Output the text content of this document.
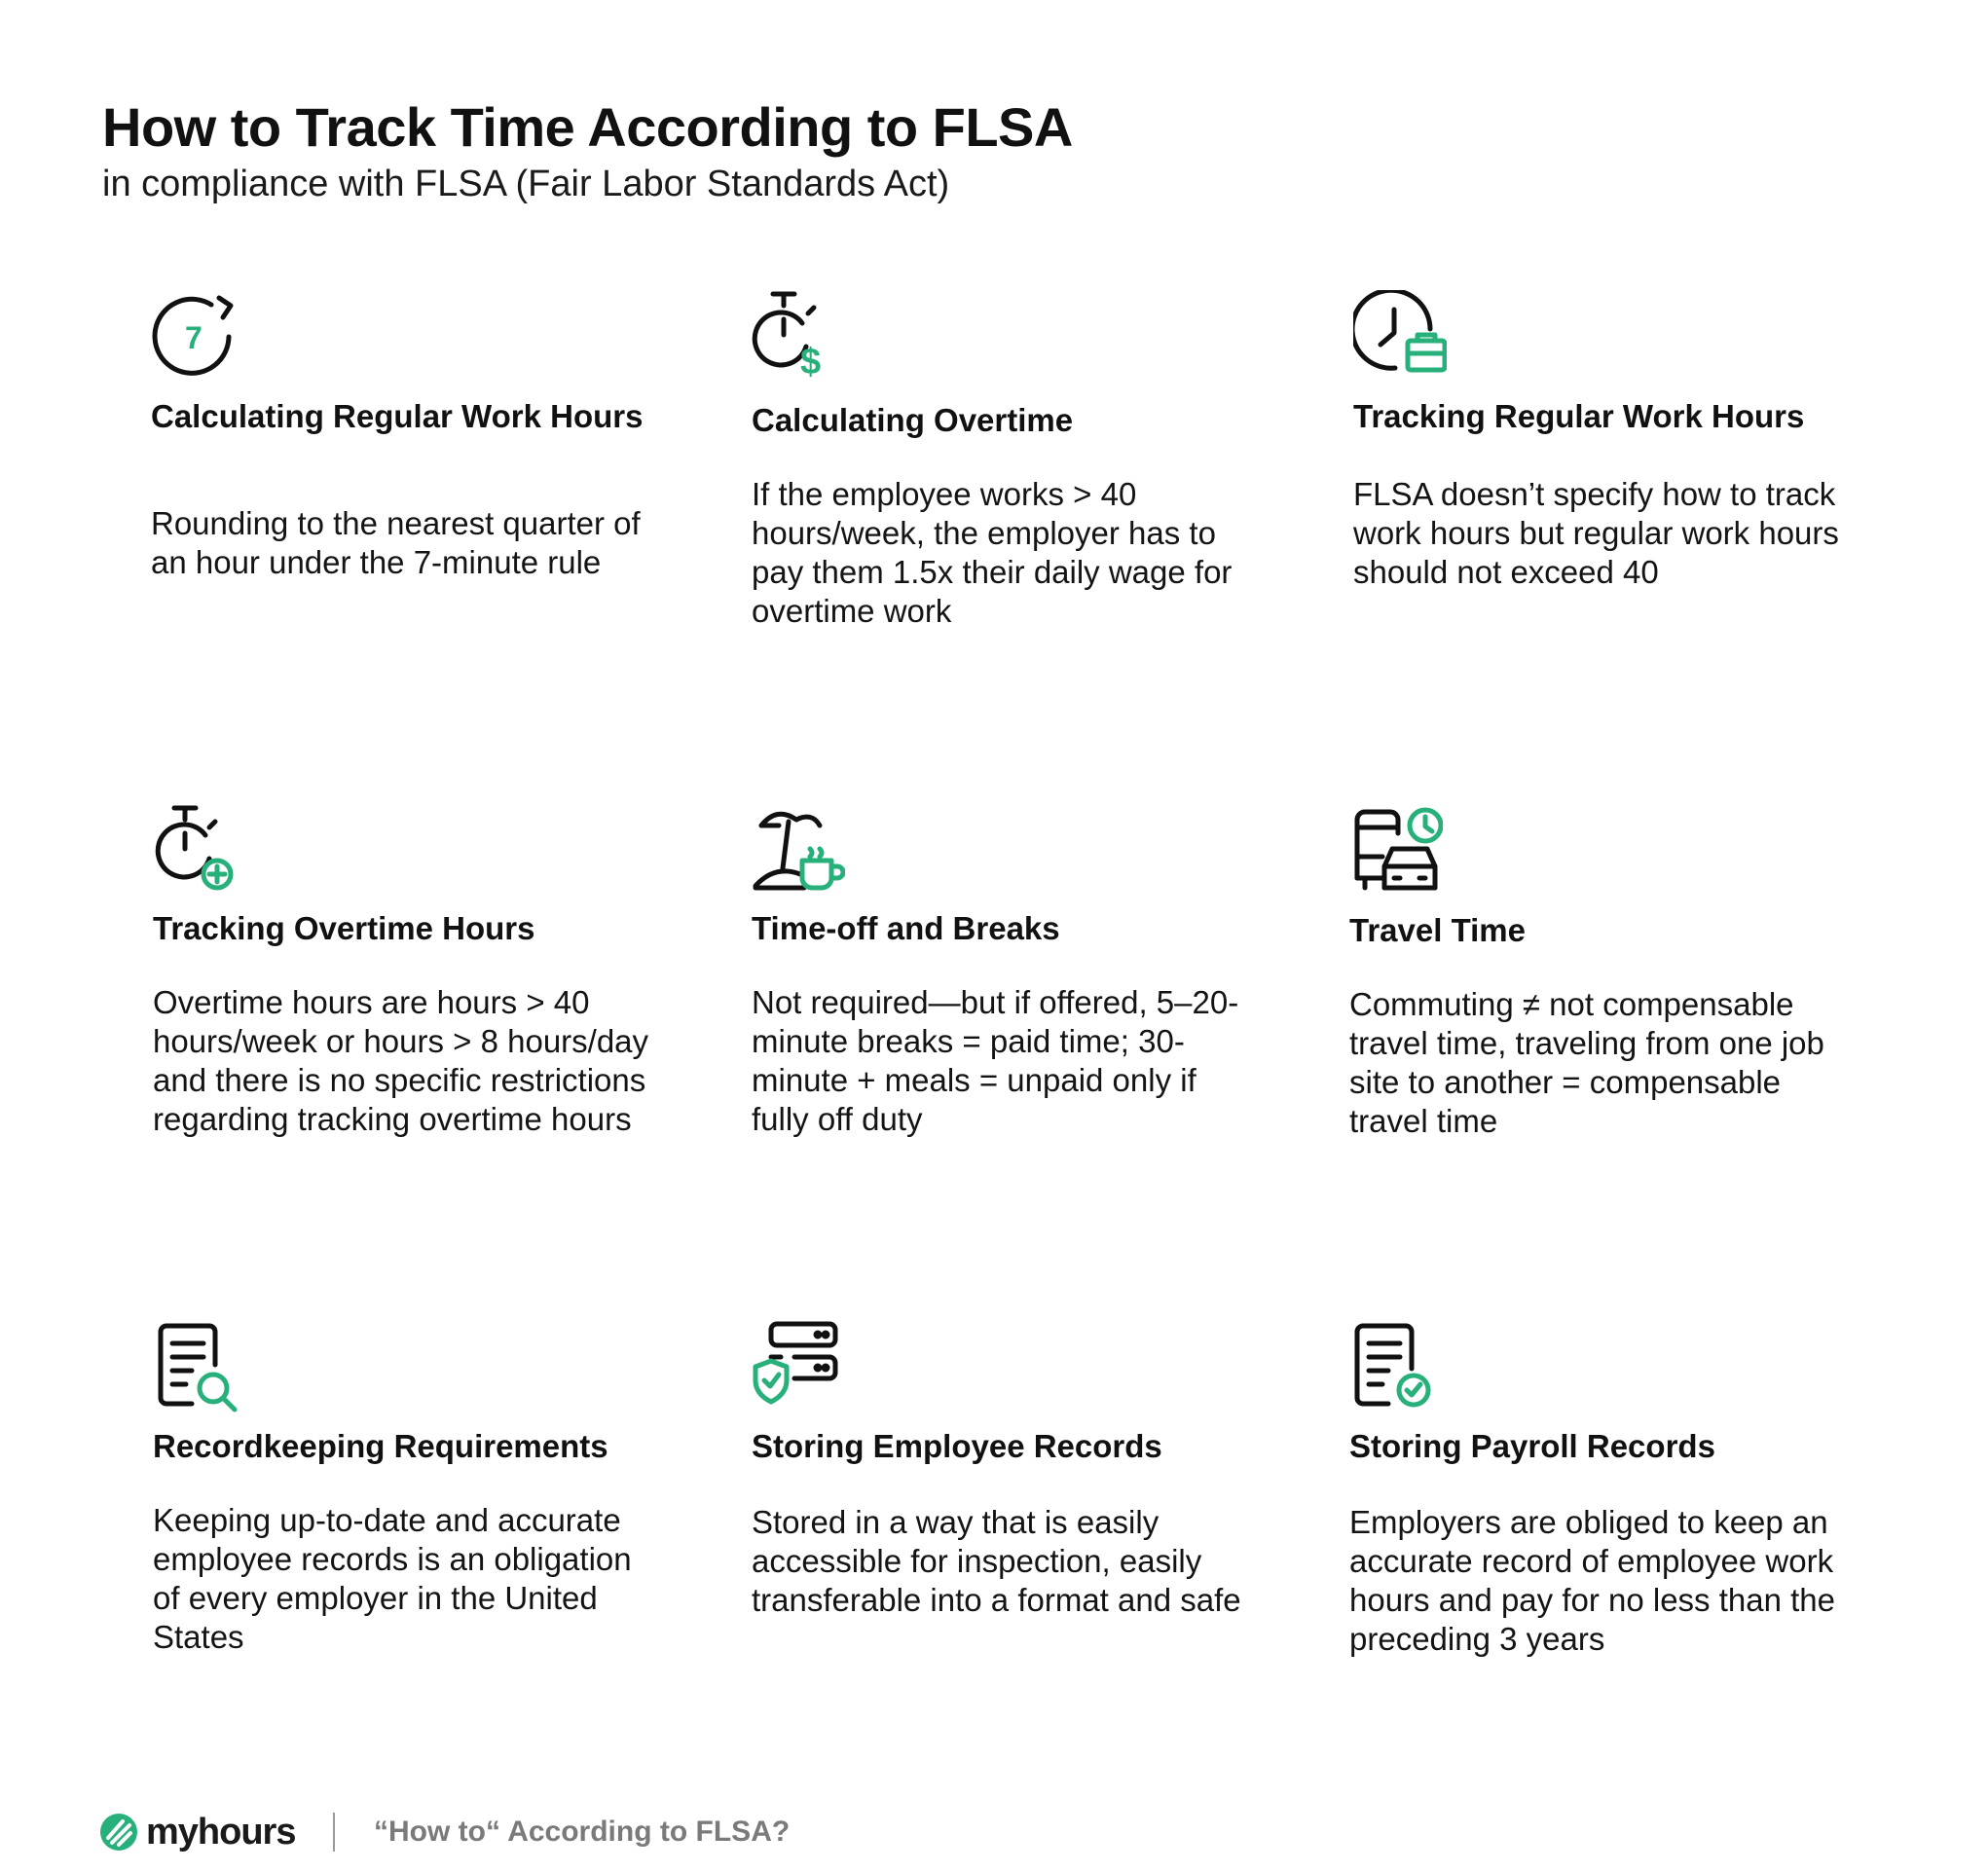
How to Track Time According to FLSA

in compliance with FLSA (Fair Labor Standards Act)

7
Calculating Regular Work Hours

Rounding to the nearest quarter of an hour under the 7-minute rule

$
Calculating Overtime

If the employee works > 40 hours/week, the employer has to pay them 1.5x their daily wage for overtime work

Tracking Regular Work Hours

FLSA doesn’t specify how to track work hours but regular work hours should not exceed 40

Tracking Overtime Hours

Overtime hours are hours > 40 hours/week or hours > 8 hours/day and there is no specific restrictions regarding tracking overtime hours

Time-off and Breaks

Not required—but if offered, 5–20-minute breaks = paid time; 30-minute + meals = unpaid only if fully off duty

Travel Time

Commuting ≠ not compensable travel time, traveling from one job site to another = compensable travel time

Recordkeeping Requirements

Keeping up-to-date and accurate employee records is an obligation of every employer in the United States

Storing Employee Records

Stored in a way that is easily accessible for inspection, easily transferable into a format and safe

Storing Payroll Records

Employers are obliged to keep an accurate record of employee work hours and pay for no less than the preceding 3 years

myhours	“How to“ According to FLSA?
